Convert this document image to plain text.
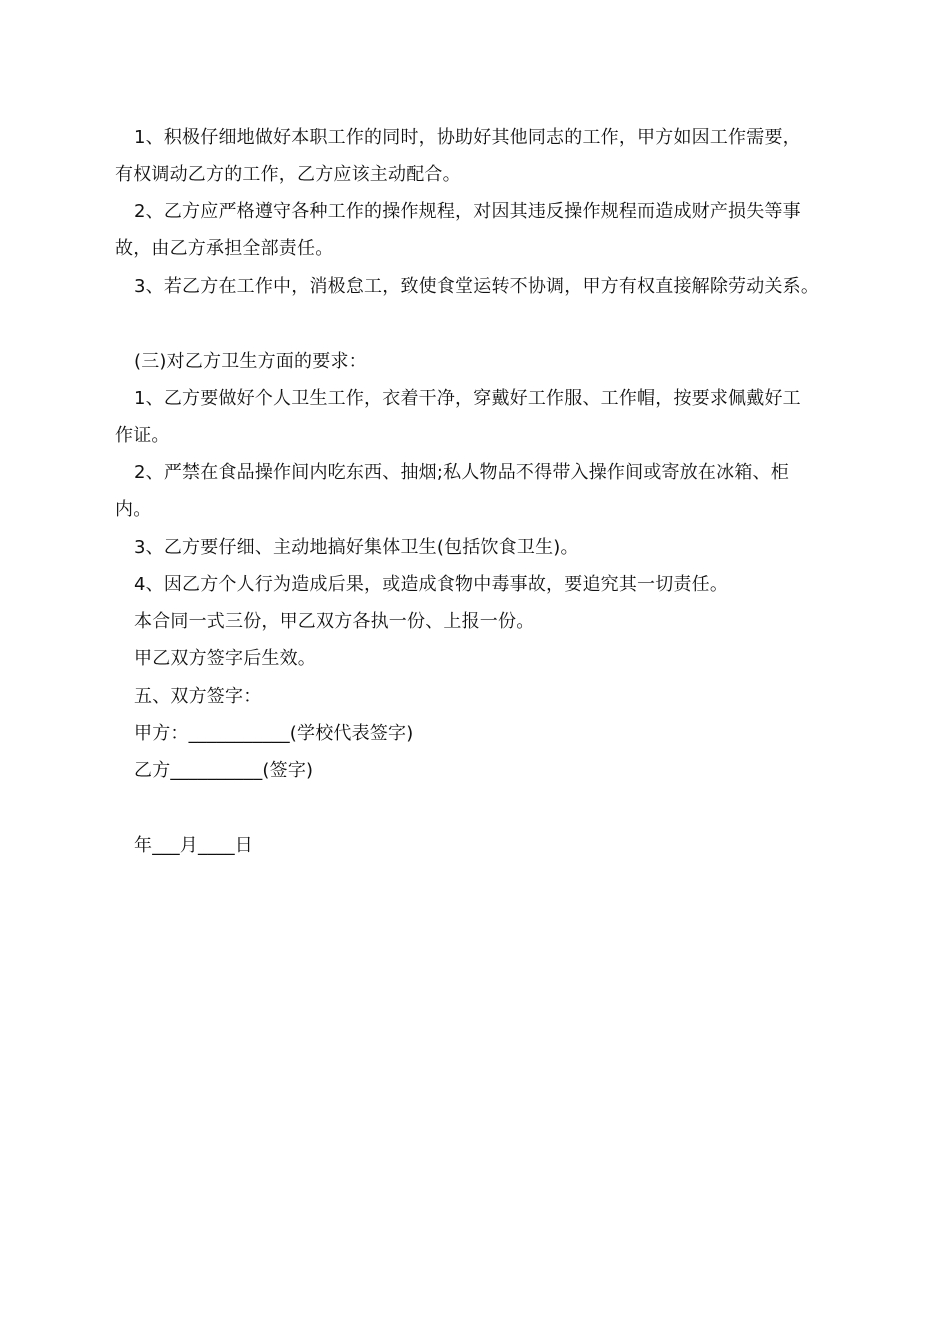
1、积极仔细地做好本职工作的同时，协助好其他同志的工作，甲方如因工作需要，
有权调动乙方的工作，乙方应该主动配合。
2、乙方应严格遵守各种工作的操作规程，对因其违反操作规程而造成财产损失等事
故，由乙方承担全部责任。
3、若乙方在工作中，消极怠工，致使食堂运转不协调，甲方有权直接解除劳动关系。
(三)对乙方卫生方面的要求：
1、乙方要做好个人卫生工作，衣着干净，穿戴好工作服、工作帽，按要求佩戴好工
作证。
2、严禁在食品操作间内吃东西、抽烟;私人物品不得带入操作间或寄放在冰箱、柜
内。
3、乙方要仔细、主动地搞好集体卫生(包括饮食卫生)。
4、因乙方个人行为造成后果，或造成食物中毒事故，要追究其一切责任。
本合同一式三份，甲乙双方各执一份、上报一份。
甲乙双方签字后生效。
五、双方签字：
甲方：___________(学校代表签字)
乙方__________(签字)
年___月____日
